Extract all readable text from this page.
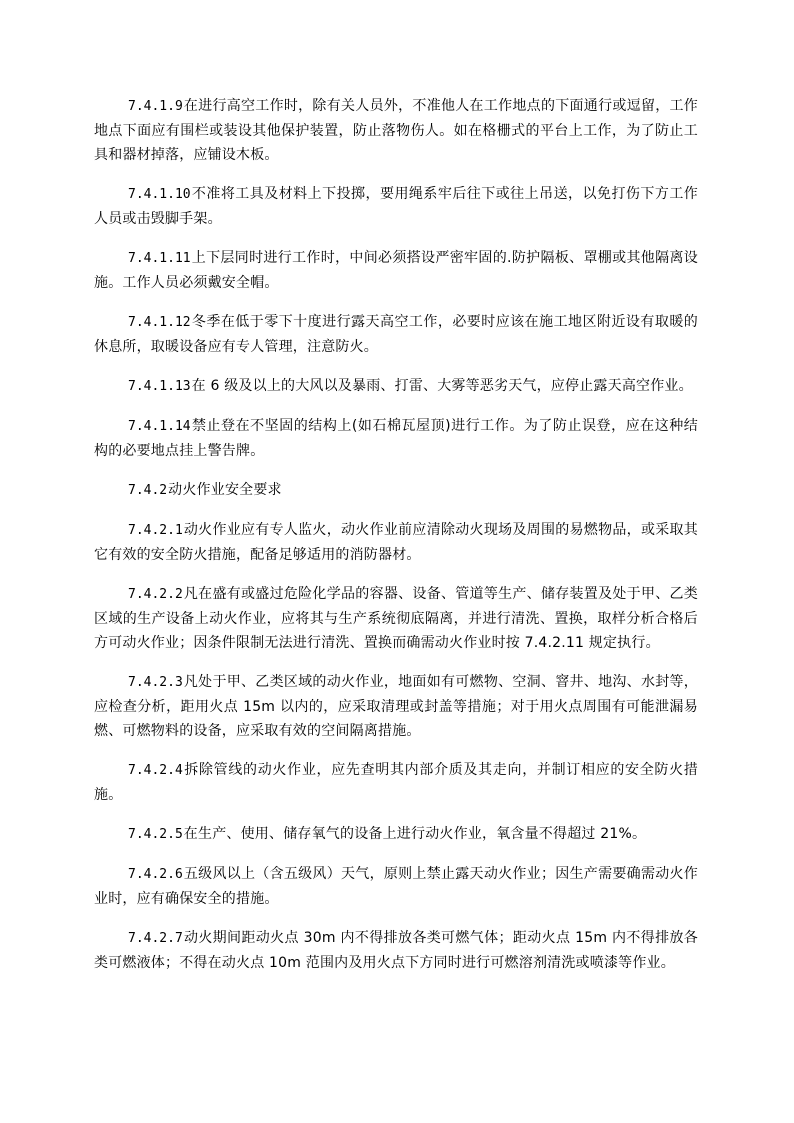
7.4.1.9在进行高空工作时，除有关人员外，不准他人在工作地点的下面通行或逗留，工作地点下面应有围栏或装设其他保护装置，防止落物伤人。如在格栅式的平台上工作，为了防止工具和器材掉落，应铺设木板。

7.4.1.10不准将工具及材料上下投掷，要用绳系牢后往下或往上吊送，以免打伤下方工作人员或击毁脚手架。

7.4.1.11上下层同时进行工作时，中间必须搭设严密牢固的.防护隔板、罩棚或其他隔离设施。工作人员必须戴安全帽。

7.4.1.12冬季在低于零下十度进行露天高空工作，必要时应该在施工地区附近设有取暖的休息所，取暖设备应有专人管理，注意防火。

7.4.1.13在 6 级及以上的大风以及暴雨、打雷、大雾等恶劣天气，应停止露天高空作业。

7.4.1.14禁止登在不坚固的结构上(如石棉瓦屋顶)进行工作。为了防止误登，应在这种结构的必要地点挂上警告牌。

7.4.2动火作业安全要求

7.4.2.1动火作业应有专人监火，动火作业前应清除动火现场及周围的易燃物品，或采取其它有效的安全防火措施，配备足够适用的消防器材。

7.4.2.2凡在盛有或盛过危险化学品的容器、设备、管道等生产、储存装置及处于甲、乙类区域的生产设备上动火作业，应将其与生产系统彻底隔离，并进行清洗、置换，取样分析合格后方可动火作业；因条件限制无法进行清洗、置换而确需动火作业时按 7.4.2.11 规定执行。

7.4.2.3凡处于甲、乙类区域的动火作业，地面如有可燃物、空洞、窨井、地沟、水封等，应检查分析，距用火点 15m 以内的，应采取清理或封盖等措施；对于用火点周围有可能泄漏易燃、可燃物料的设备，应采取有效的空间隔离措施。

7.4.2.4拆除管线的动火作业，应先查明其内部介质及其走向，并制订相应的安全防火措施。

7.4.2.5在生产、使用、储存氧气的设备上进行动火作业，氧含量不得超过 21%。

7.4.2.6五级风以上（含五级风）天气，原则上禁止露天动火作业；因生产需要确需动火作业时，应有确保安全的措施。

7.4.2.7动火期间距动火点 30m 内不得排放各类可燃气体；距动火点 15m 内不得排放各类可燃液体；不得在动火点 10m 范围内及用火点下方同时进行可燃溶剂清洗或喷漆等作业。
